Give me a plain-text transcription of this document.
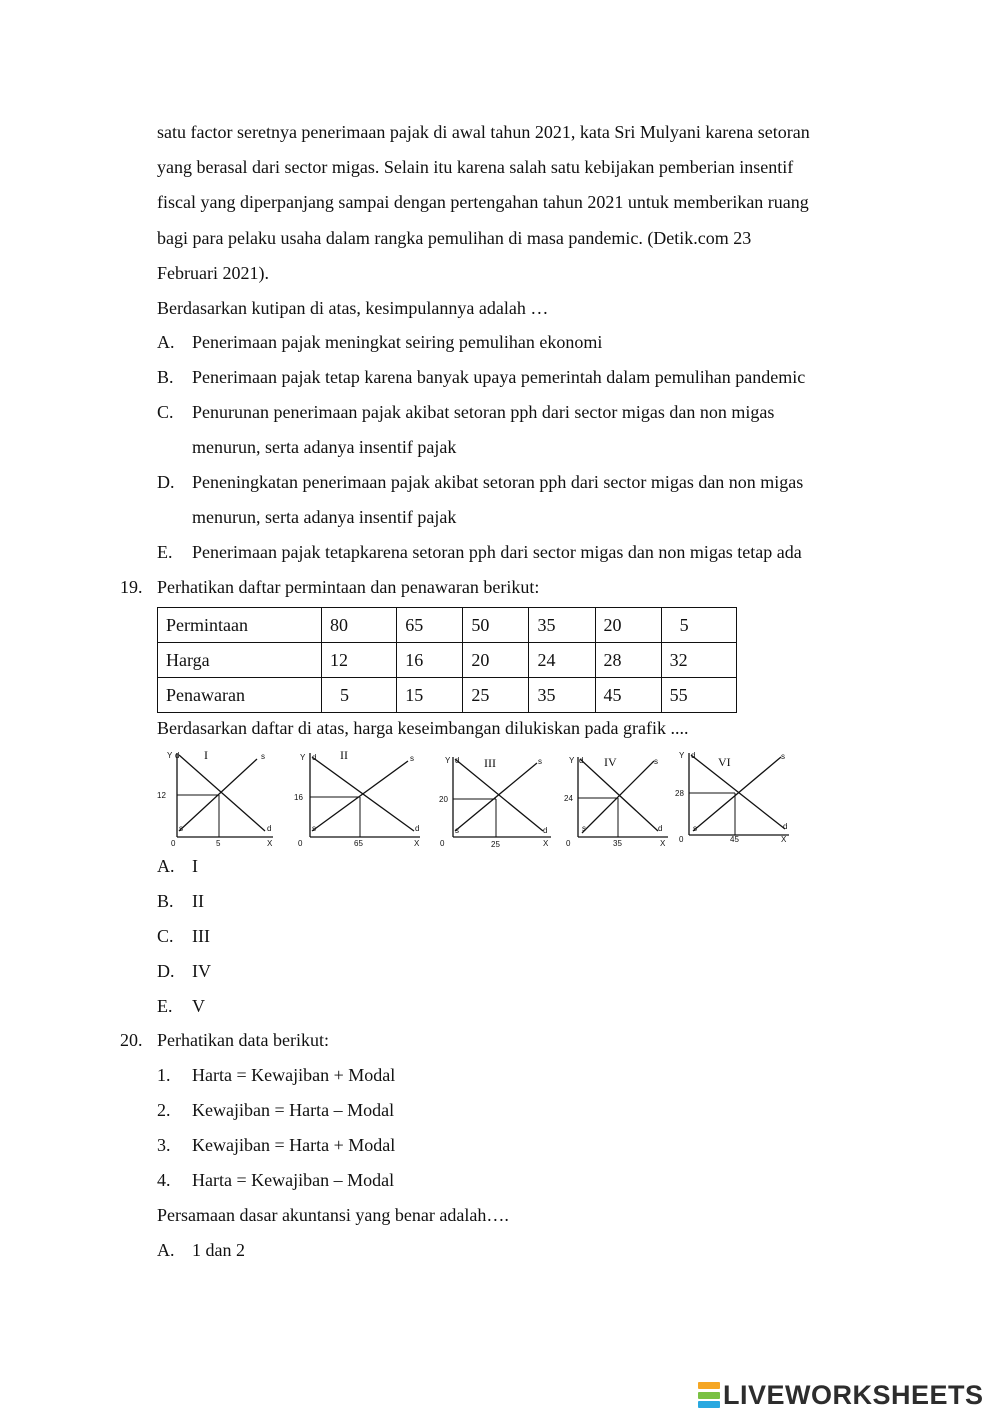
satu factor seretnya penerimaan pajak di awal tahun 2021, kata Sri Mulyani karena setoran
yang berasal dari sector migas. Selain itu karena salah satu kebijakan pemberian insentif
fiscal yang diperpanjang sampai dengan pertengahan tahun 2021 untuk memberikan ruang
bagi para pelaku usaha dalam rangka pemulihan di masa pandemic. (Detik.com 23
Februari 2021).
Berdasarkan kutipan di atas, kesimpulannya adalah …
A. Penerimaan pajak meningkat seiring pemulihan ekonomi
B. Penerimaan pajak tetap karena banyak upaya pemerintah dalam pemulihan pandemic
C. Penurunan penerimaan pajak akibat setoran pph dari sector migas dan non migas
menurun, serta adanya insentif pajak
D. Peneningkatan penerimaan pajak akibat setoran pph dari sector migas dan non migas
menurun, serta adanya insentif pajak
E. Penerimaan pajak tetapkarena setoran pph dari sector migas dan non migas tetap ada
19. Perhatikan daftar permintaan dan penawaran berikut:
Permintaan	80	65	50	35	20	5
Harga	12	16	20	24	28	32
Penawaran	5	15	25	35	45	55
Berdasarkan daftar di atas, harga keseimbangan dilukiskan pada grafik ....
Y d	s
I
12
s	d
0	5	X
Y d	s
II
16
s	d
0	65	X
Y d	s
III
20
s	d
0	25	X
Y d	s
IV
24
s	d
0	35	X
Y d	s
VI
28
s	d
0	45	X
A. I
B. II
C. III
D. IV
E. V
20. Perhatikan data berikut:
1. Harta = Kewajiban + Modal
2. Kewajiban = Harta – Modal
3. Kewajiban = Harta + Modal
4. Harta = Kewajiban – Modal
Persamaan dasar akuntansi yang benar adalah….
A. 1 dan 2
LIVEWORKSHEETS
